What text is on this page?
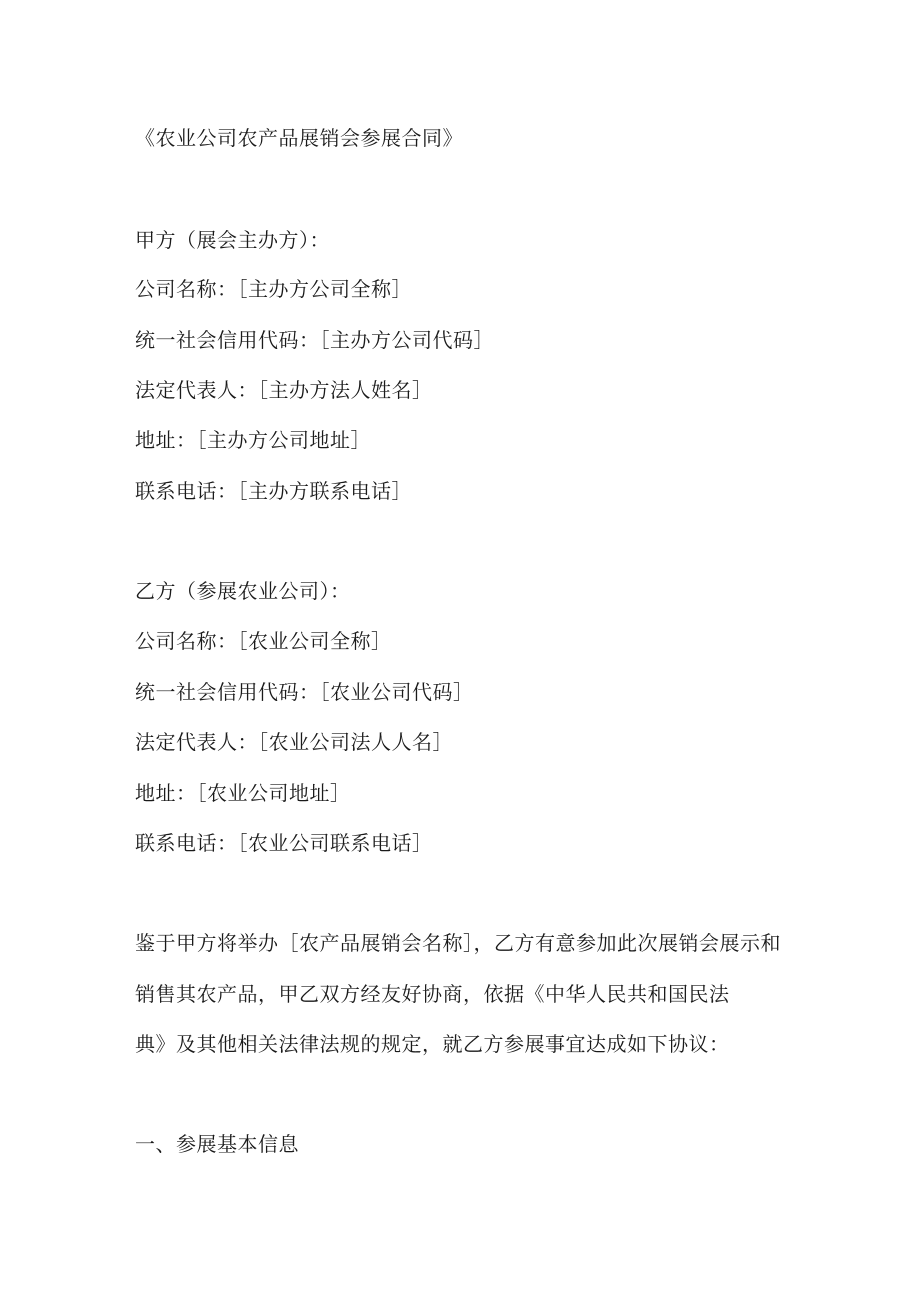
《农业公司农产品展销会参展合同》
甲方（展会主办方）：
公司名称：［主办方公司全称］
统一社会信用代码：［主办方公司代码］
法定代表人：［主办方法人姓名］
地址：［主办方公司地址］
联系电话：［主办方联系电话］
乙方（参展农业公司）：
公司名称：［农业公司全称］
统一社会信用代码：［农业公司代码］
法定代表人：［农业公司法人人名］
地址：［农业公司地址］
联系电话：［农业公司联系电话］
鉴于甲方将举办［农产品展销会名称］，乙方有意参加此次展销会展示和
销售其农产品，甲乙双方经友好协商，依据《中华人民共和国民法
典》及其他相关法律法规的规定，就乙方参展事宜达成如下协议：
一、参展基本信息
